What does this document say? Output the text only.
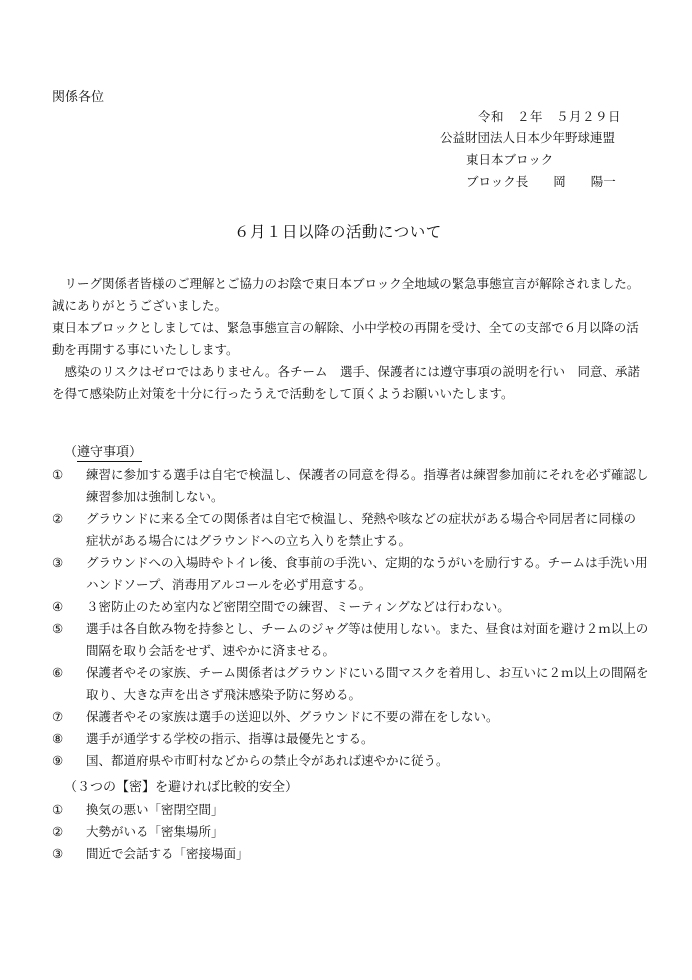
関係各位
令和　２年　５月２９日
公益財団法人日本少年野球連盟
東日本ブロック
ブロック長　　岡　　陽一
６月１日以降の活動について
　リーグ関係者皆様のご理解とご協力のお陰で東日本ブロック全地域の緊急事態宣言が解除されました。
誠にありがとうございました。
東日本ブロックとしましては、緊急事態宣言の解除、小中学校の再開を受け、全ての支部で６月以降の活
動を再開する事にいたしします。
　感染のリスクはゼロではありません。各チーム　選手、保護者には遵守事項の説明を行い　同意、承諾
を得て感染防止対策を十分に行ったうえで活動をして頂くようお願いいたします。
（遵守事項）
① 練習に参加する選手は自宅で検温し、保護者の同意を得る。指導者は練習参加前にそれを必ず確認し
練習参加は強制しない。
② グラウンドに来る全ての関係者は自宅で検温し、発熱や咳などの症状がある場合や同居者に同様の
症状がある場合にはグラウンドへの立ち入りを禁止する。
③ グラウンドへの入場時やトイレ後、食事前の手洗い、定期的なうがいを励行する。チームは手洗い用
ハンドソープ、消毒用アルコールを必ず用意する。
④ ３密防止のため室内など密閉空間での練習、ミーティングなどは行わない。
⑤ 選手は各自飲み物を持参とし、チームのジャグ等は使用しない。また、昼食は対面を避け２ｍ以上の
間隔を取り会話をせず、速やかに済ませる。
⑥ 保護者やその家族、チーム関係者はグラウンドにいる間マスクを着用し、お互いに２ｍ以上の間隔を
取り、大きな声を出さず飛沫感染予防に努める。
⑦ 保護者やその家族は選手の送迎以外、グラウンドに不要の滞在をしない。
⑧ 選手が通学する学校の指示、指導は最優先とする。
⑨ 国、都道府県や市町村などからの禁止令があれば速やかに従う。
（３つの【密】を避ければ比較的安全）
① 換気の悪い「密閉空間」
② 大勢がいる「密集場所」
③ 間近で会話する「密接場面」
